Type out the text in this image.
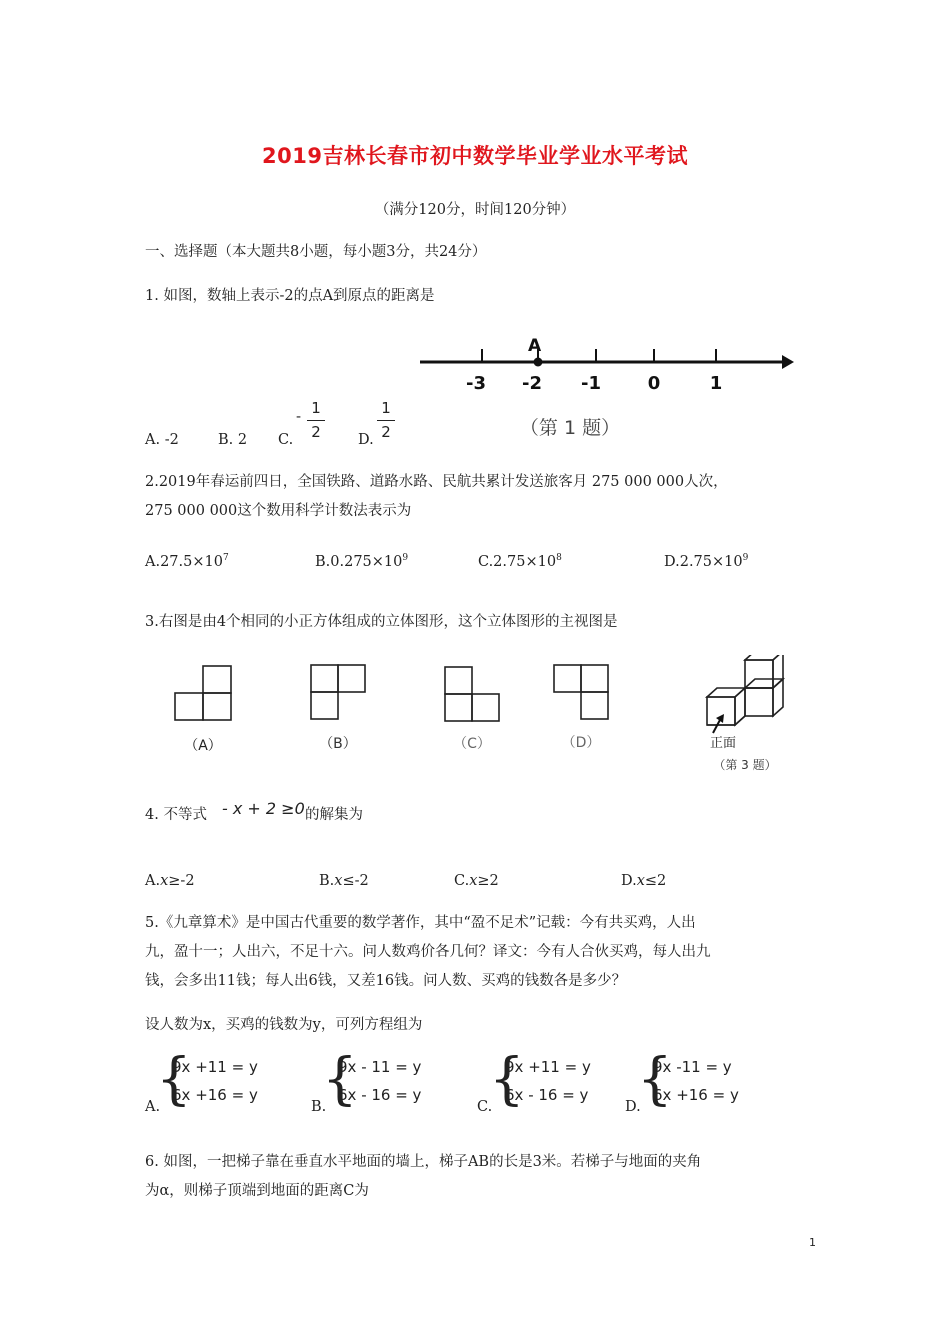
2019吉林长春市初中数学毕业学业水平考试
（满分120分，时间120分钟）
一、选择题（本大题共8小题，每小题3分，共24分）
1. 如图，数轴上表示-2的点A到原点的距离是
A
-3 -2 -1	0	1
（第 1 题）
A. -2	B. 2 C.
- 1
2	D.
1
2
2.2019年春运前四日，全国铁路、道路水路、民航共累计发送旅客月 275 000 000人次，
275 000 000这个数用科学计数法表示为
$A.27.5\times 10^7$	$B.0.275\times 10^9$	$C.2.75\times 10^8$	$D.2.75\times 10^9$
3.右图是由4个相同的小正方体组成的立体图形，这个立体图形的主视图是
（A）	（B）	（C）	（D）	正面
（第 3 题）
4. 不等式 - x + 2 ≥0 的解集为
A.x≥-2	B.x≤-2	C.x≥2	D.x≤2
5.《九章算术》是中国古代重要的数学著作，其中“盈不足术”记载：今有共买鸡，人出
九，盈十一；人出六，不足十六。问人数鸡价各几何？译文：今有人合伙买鸡，每人出九
钱，会多出11钱；每人出6钱，又差16钱。问人数、买鸡的钱数各是多少？
设人数为x，买鸡的钱数为y，可列方程组为
A.
{
9x +11 = y
6x +16 = y
B.
{
9x - 11 = y
6x - 16 = y
C.
{
9x +11 = y
6x - 16 = y
D.
{
9x -11 = y
6x +16 = y
6. 如图，一把梯子靠在垂直水平地面的墙上，梯子AB的长是3米。若梯子与地面的夹角
为α，则梯子顶端到地面的距离C为
1
